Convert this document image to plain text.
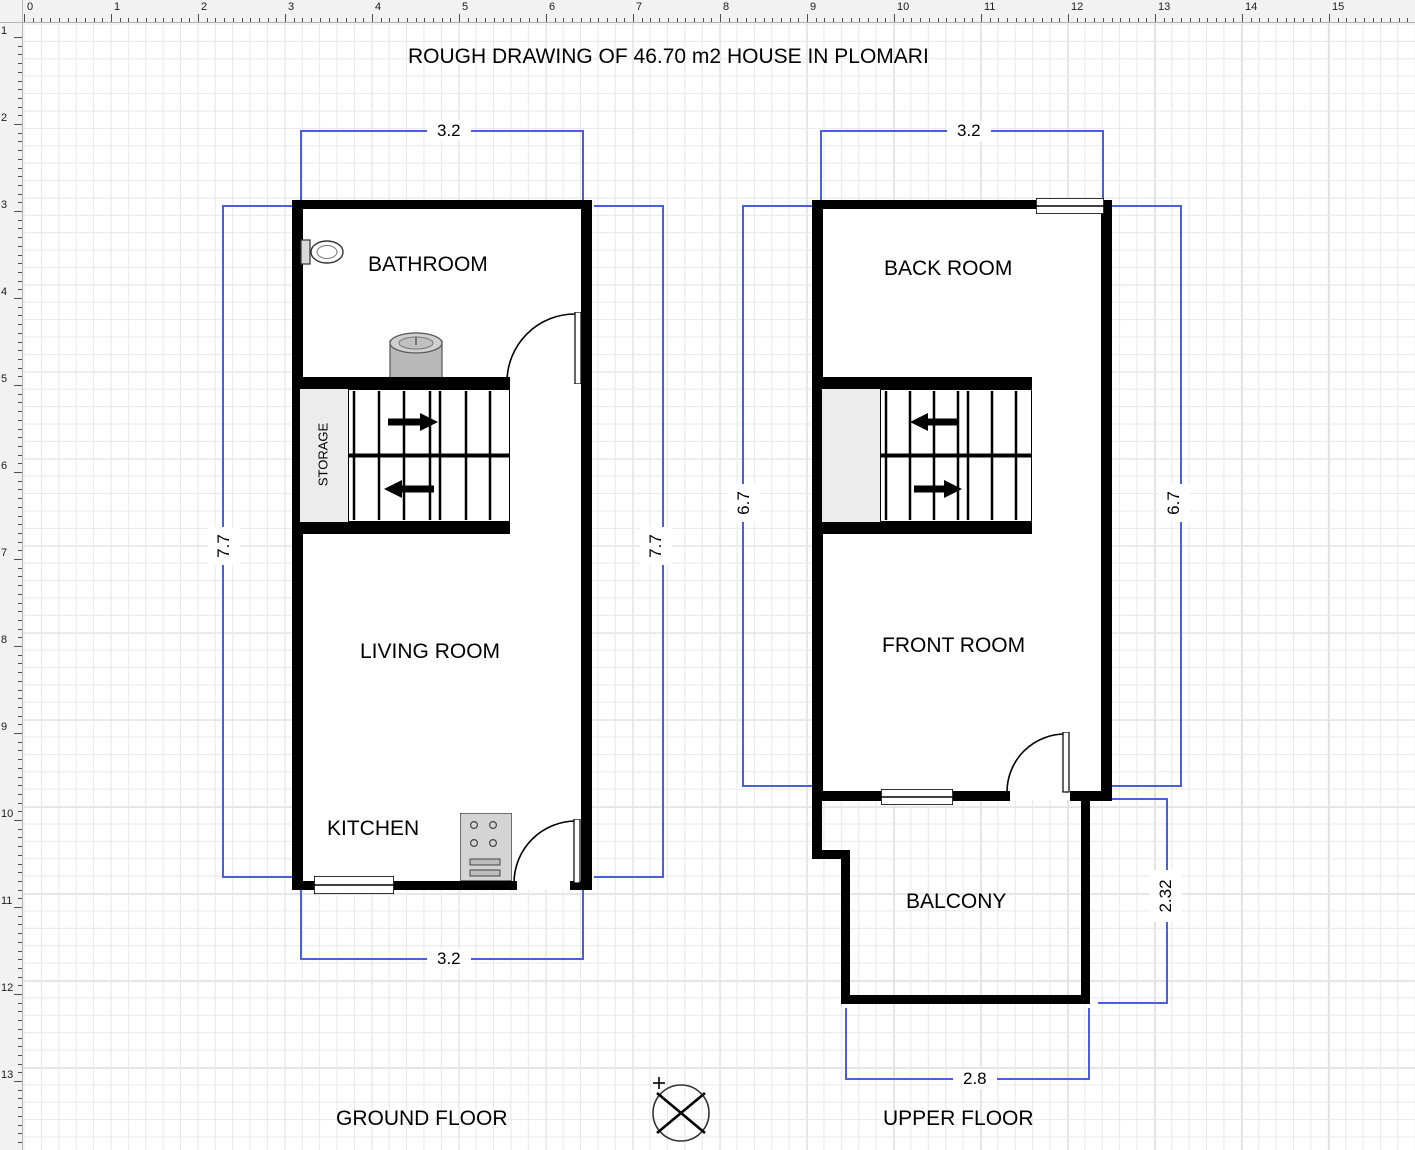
ROUGH DRAWING OF 46.70 m2 HOUSE IN PLOMARI
3.2
7.7	7.7
3.2
BATHROOM
STORAGE
LIVING ROOM
KITCHEN
GROUND FLOOR
3.2
6.7	6.7
2.32
2.8
BACK ROOM
FRONT ROOM
BALCONY
UPPER FLOOR
0	1	2	3	4	5	6	7	8	9	10	11	12	13	14	15
1
2
3
4
5
6
7
8
9
10
11
12
13
